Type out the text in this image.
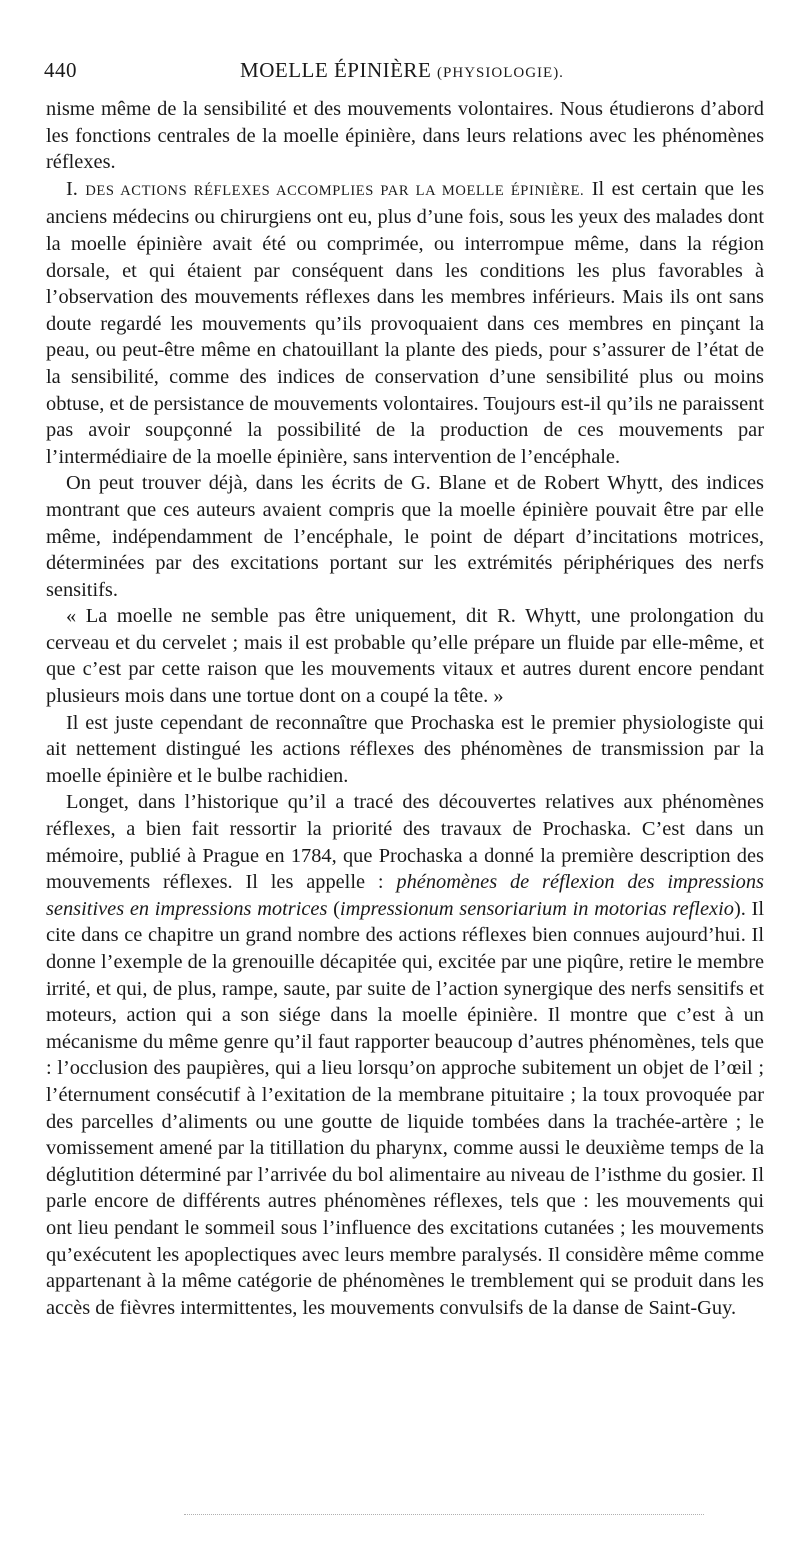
440	MOELLE ÉPINIÈRE (PHYSIOLOGIE).

nisme même de la sensibilité et des mouvements volontaires. Nous étudierons d’abord les fonctions centrales de la moelle épinière, dans leurs relations avec les phénomènes réflexes.

I. DES ACTIONS RÉFLEXES ACCOMPLIES PAR LA MOELLE ÉPINIÈRE. Il est certain que les anciens médecins ou chirurgiens ont eu, plus d’une fois, sous les yeux des malades dont la moelle épinière avait été ou comprimée, ou interrompue même, dans la région dorsale, et qui étaient par conséquent dans les conditions les plus favorables à l’observation des mouvements réflexes dans les membres inférieurs. Mais ils ont sans doute regardé les mouvements qu’ils provoquaient dans ces membres en pinçant la peau, ou peut-être même en chatouillant la plante des pieds, pour s’assurer de l’état de la sensibilité, comme des indices de conservation d’une sensibilité plus ou moins obtuse, et de persistance de mouvements volontaires. Toujours est-il qu’ils ne paraissent pas avoir soupçonné la possibilité de la production de ces mouvements par l’intermédiaire de la moelle épinière, sans intervention de l’encéphale.

On peut trouver déjà, dans les écrits de G. Blane et de Robert Whytt, des indices montrant que ces auteurs avaient compris que la moelle épinière pouvait être par elle même, indépendamment de l’encéphale, le point de départ d’incitations motrices, déterminées par des excitations portant sur les extrémités périphériques des nerfs sensitifs.

« La moelle ne semble pas être uniquement, dit R. Whytt, une prolongation du cerveau et du cervelet ; mais il est probable qu’elle prépare un fluide par elle-même, et que c’est par cette raison que les mouvements vitaux et autres durent encore pendant plusieurs mois dans une tortue dont on a coupé la tête. »

Il est juste cependant de reconnaître que Prochaska est le premier physiologiste qui ait nettement distingué les actions réflexes des phénomènes de transmission par la moelle épinière et le bulbe rachidien.

Longet, dans l’historique qu’il a tracé des découvertes relatives aux phénomènes réflexes, a bien fait ressortir la priorité des travaux de Prochaska. C’est dans un mémoire, publié à Prague en 1784, que Prochaska a donné la première description des mouvements réflexes. Il les appelle : phénomènes de réflexion des impressions sensitives en impressions motrices (impressionum sensoriarium in motorias reflexio). Il cite dans ce chapitre un grand nombre des actions réflexes bien connues aujourd’hui. Il donne l’exemple de la grenouille décapitée qui, excitée par une piqûre, retire le membre irrité, et qui, de plus, rampe, saute, par suite de l’action synergique des nerfs sensitifs et moteurs, action qui a son siége dans la moelle épinière. Il montre que c’est à un mécanisme du même genre qu’il faut rapporter beaucoup d’autres phénomènes, tels que : l’occlusion des paupières, qui a lieu lorsqu’on approche subitement un objet de l’œil ; l’éternument consécutif à l’exitation de la membrane pituitaire ; la toux provoquée par des parcelles d’aliments ou une goutte de liquide tombées dans la trachée-artère ; le vomissement amené par la titillation du pharynx, comme aussi le deuxième temps de la déglutition déterminé par l’arrivée du bol alimentaire au niveau de l’isthme du gosier. Il parle encore de différents autres phénomènes réflexes, tels que : les mouvements qui ont lieu pendant le sommeil sous l’influence des excitations cutanées ; les mouvements qu’exécutent les apoplectiques avec leurs membre paralysés. Il considère même comme appartenant à la même catégorie de phénomènes le tremblement qui se produit dans les accès de fièvres intermittentes, les mouvements convulsifs de la danse de Saint-Guy.
